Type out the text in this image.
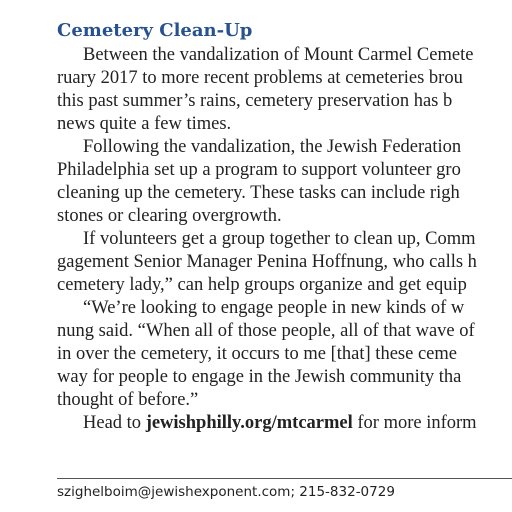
Cemetery Clean-Up

Between the vandalization of Mount Carmel Cemete

ruary 2017 to more recent problems at cemeteries brou

this past summer’s rains, cemetery preservation has b

news quite a few times.

Following the vandalization, the Jewish Federation

Philadelphia set up a program to support volunteer gro

cleaning up the cemetery. These tasks can include righ

stones or clearing overgrowth.

If volunteers get a group together to clean up, Comm

gagement Senior Manager Penina Hoffnung, who calls h

cemetery lady,” can help groups organize and get equip

“We’re looking to engage people in new kinds of w

nung said. “When all of those people, all of that wave of

in over the cemetery, it occurs to me [that] these ceme

way for people to engage in the Jewish community tha

thought of before.”

Head to jewishphilly.org/mtcarmel for more inform

szighelboim@jewishexponent.com; 215-832-0729
